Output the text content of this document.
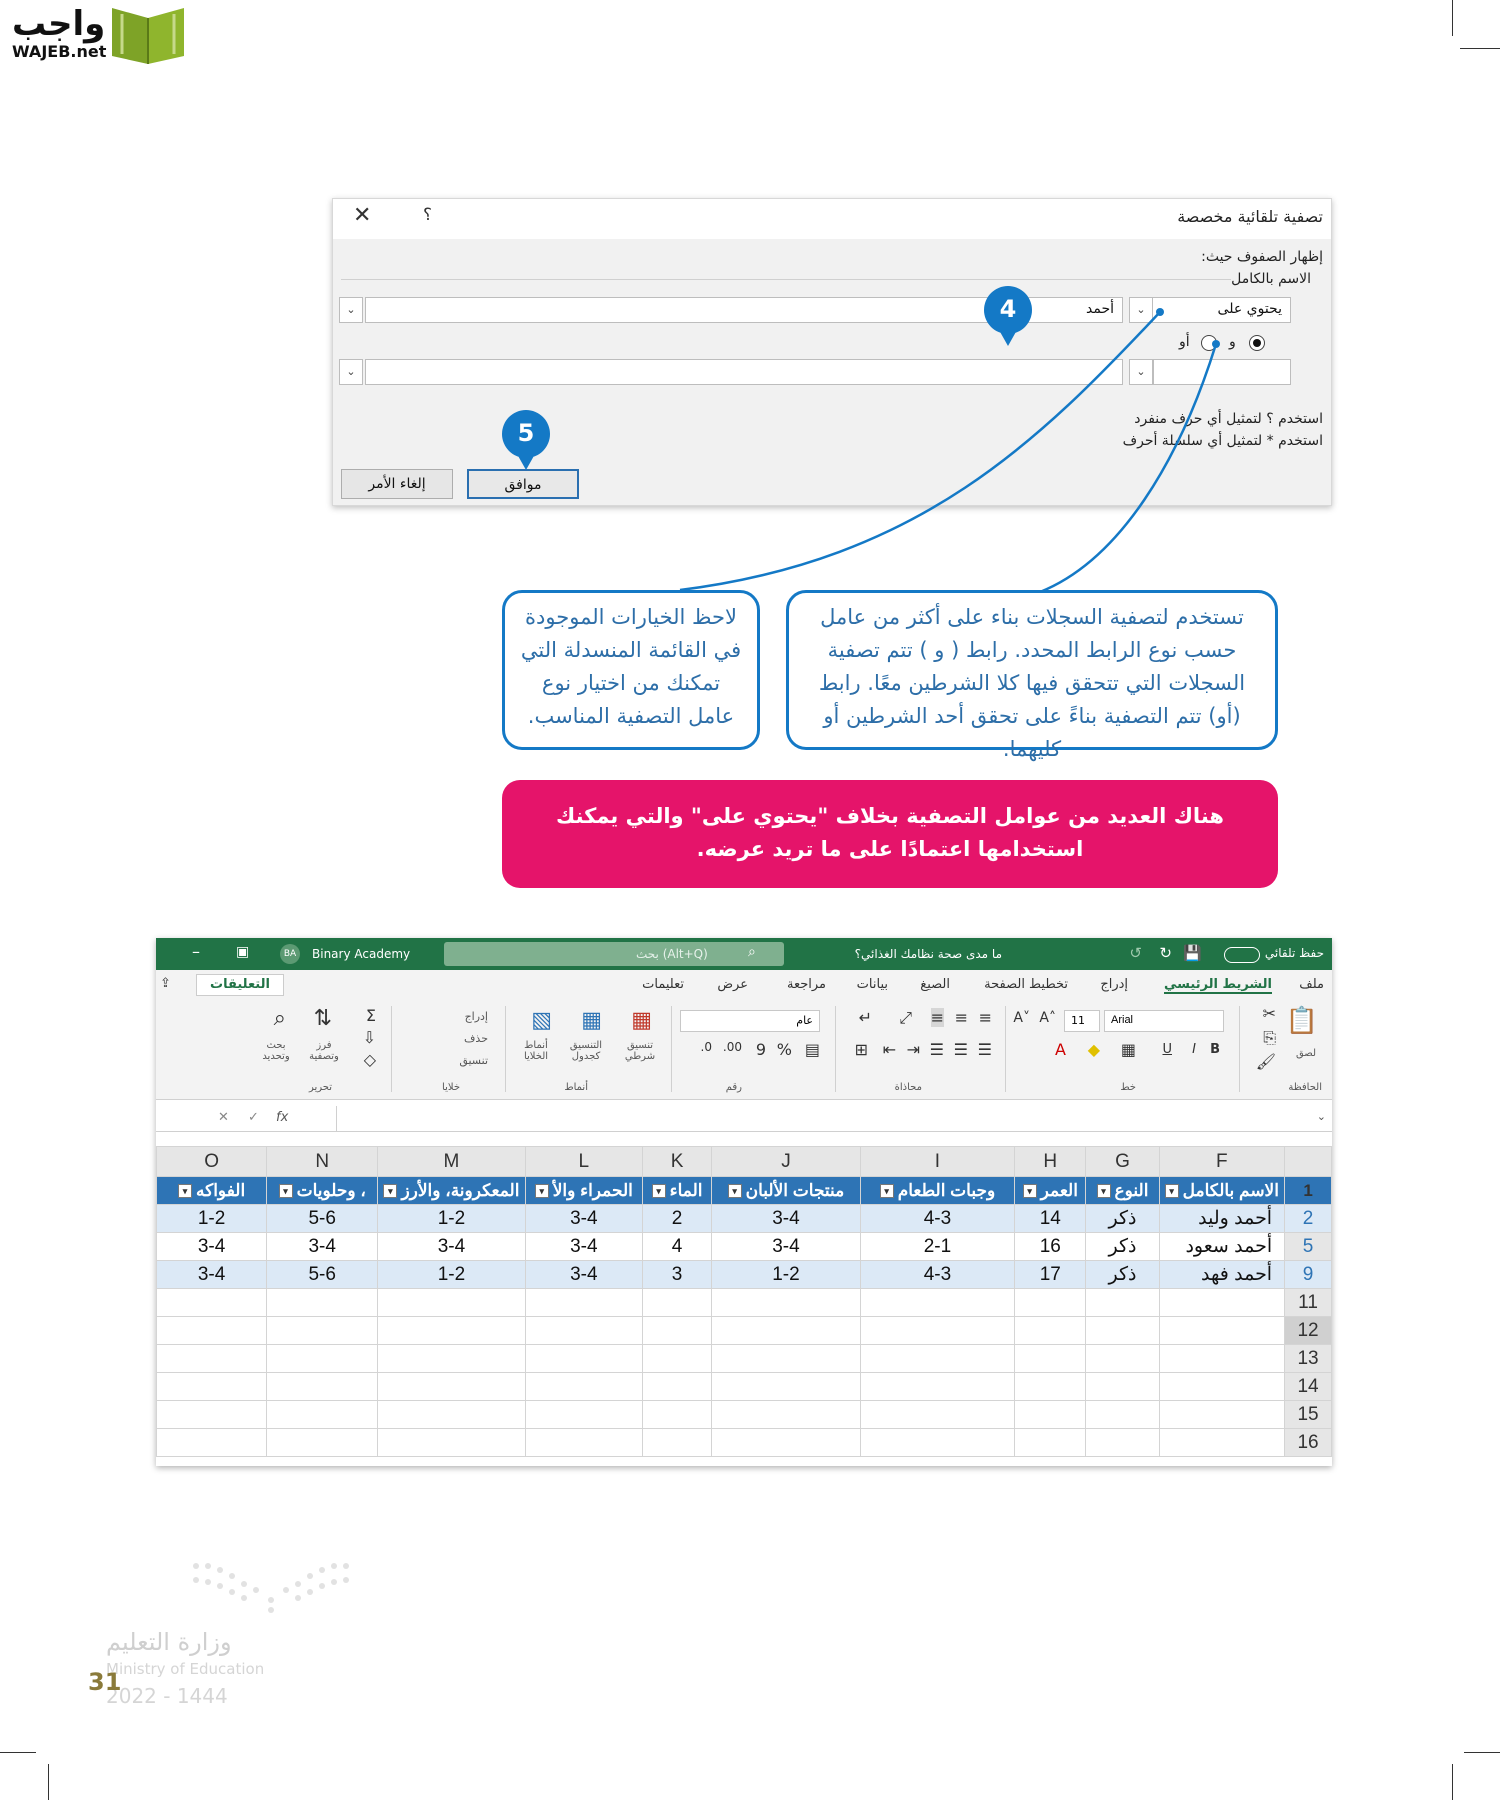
واجب
WAJEB.net
تصفية تلقائية مخصصة
✕	؟
إظهار الصفوف حيث:
الاسم بالكامل
يحتوي على
⌄
أحمد
⌄
و
أو
⌄
⌄
استخدم ؟ لتمثيل أي حرف منفرد
استخدم * لتمثيل أي سلسلة أحرف
موافق
إلغاء الأمر
4
5
تستخدم لتصفية السجلات بناء على أكثر من عامل حسب نوع الرابط المحدد. رابط ( و ) تتم تصفية السجلات التي تتحقق فيها كلا الشرطين معًا. رابط (أو) تتم التصفية بناءً على تحقق أحد الشرطين أو كليهما.
لاحظ الخيارات الموجودة في القائمة المنسدلة التي تمكنك من اختيار نوع عامل التصفية المناسب.
هناك العديد من عوامل التصفية بخلاف "يحتوي على" والتي يمكنك استخدامها اعتمادًا على ما تريد عرضه.
حفظ تلقائي
💾
↻
↺
ما مدى صحة نظامك الغذائي؟
بحث (Alt+Q)	⌕
BA	Binary Academy
▣
–
ملف
الشريط الرئيسي
إدراج
تخطيط الصفحة
الصيغ
بيانات
مراجعة
عرض
تعليمات
التعليقات
⇪
📋
لصق
✂
⎘
🖌
الحافظة
Arial
11
A˄
A˅
B
I
U
▦
◆
A
خط
≡
≡
≡
⤢
↵
☰
☰
☰
⇥
⇤
⊞
محاذاة
عام
▤
%
9
.00
.0
رقم
▦
تنسيق شرطي
▦
التنسيق كجدول
▧
أنماط الخلايا
أنماط
إدراج
حذف
تنسيق
خلايا
Σ
⇩
◇
⇅
فرز وتصفية
⌕
بحث وتحديد
تحرير
✕ ✓ fx	⌄
	F	G	H	I	J	K	L	M	N	O
1	الاسم بالكامل▾	النوع▾	العمر▾	وجبات الطعام▾	منتجات الألبان▾	الماء▾	الحمراء والأ▾	المعكرونة، والأرز▾	، وحلويات▾	الفواكه▾
2	أحمد وليد	ذكر	14	4-3	3-4	2	3-4	1-2	5-6	1-2
5	أحمد سعود	ذكر	16	2-1	3-4	4	3-4	3-4	3-4	3-4
9	أحمد فهد	ذكر	17	4-3	1-2	3	3-4	1-2	5-6	3-4
11										
12										
13										
14										
15										
16										
وزارة التعليم
Ministry of Education
2022 - 1444
31
